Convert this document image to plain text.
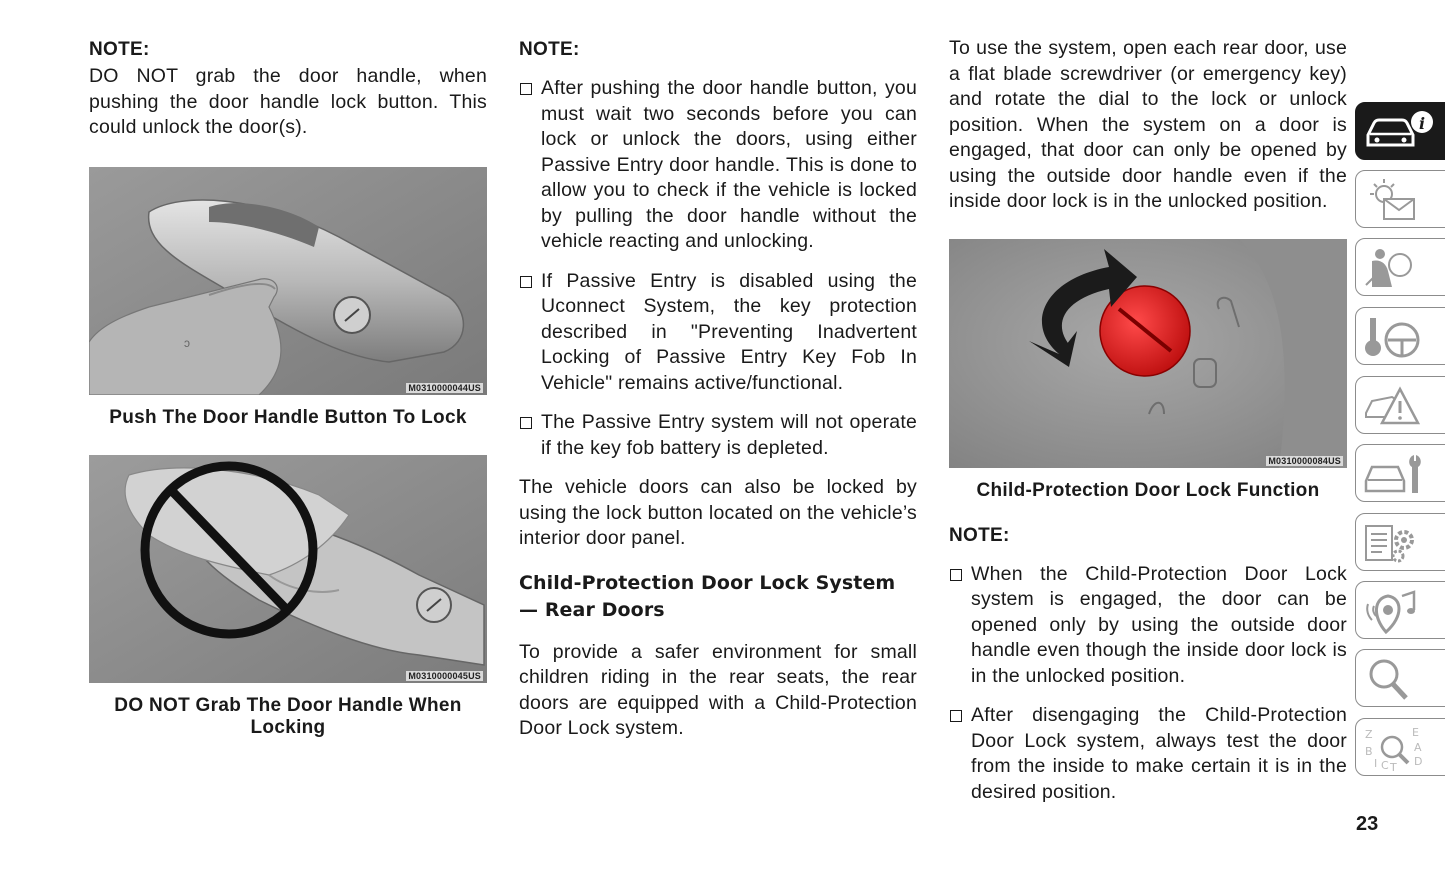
NOTE:

DO NOT grab the door handle, when pushing the door handle lock button. This could unlock the door(s).

ↄ
M0310000044US
Push The Door Handle Button To Lock
M0310000045US
DO NOT Grab The Door Handle When Locking
NOTE:

After pushing the door handle button, you must wait two seconds before you can lock or unlock the doors, using either Passive Entry door handle. This is done to allow you to check if the vehicle is locked by pulling the door handle without the vehicle reacting and unlocking.

If Passive Entry is disabled using the Uconnect System, the key protection described in "Preventing Inadvertent Locking of Passive Entry Key Fob In Vehicle" remains active/functional.

The Passive Entry system will not operate if the key fob battery is depleted.

The vehicle doors can also be locked by using the lock button located on the vehicle’s interior door panel.

Child-Protection Door Lock System — Rear Doors

To provide a safer environment for small children riding in the rear seats, the rear doors are equipped with a Child-Protection Door Lock system.

To use the system, open each rear door, use a flat blade screwdriver (or emergency key) and rotate the dial to the lock or unlock position. When the system on a door is engaged, that door can only be opened by using the outside door handle even if the inside door lock is in the unlocked position.

M0310000084US
Child-Protection Door Lock Function
NOTE:

When the Child-Protection Door Lock system is engaged, the door can be opened only by using the outside door handle even though the inside door lock is in the unlocked position.

After disengaging the Child-Protection Door Lock system, always test the door from the inside to make certain it is in the desired position.

i
Z	E
A
B
I C T D
23
